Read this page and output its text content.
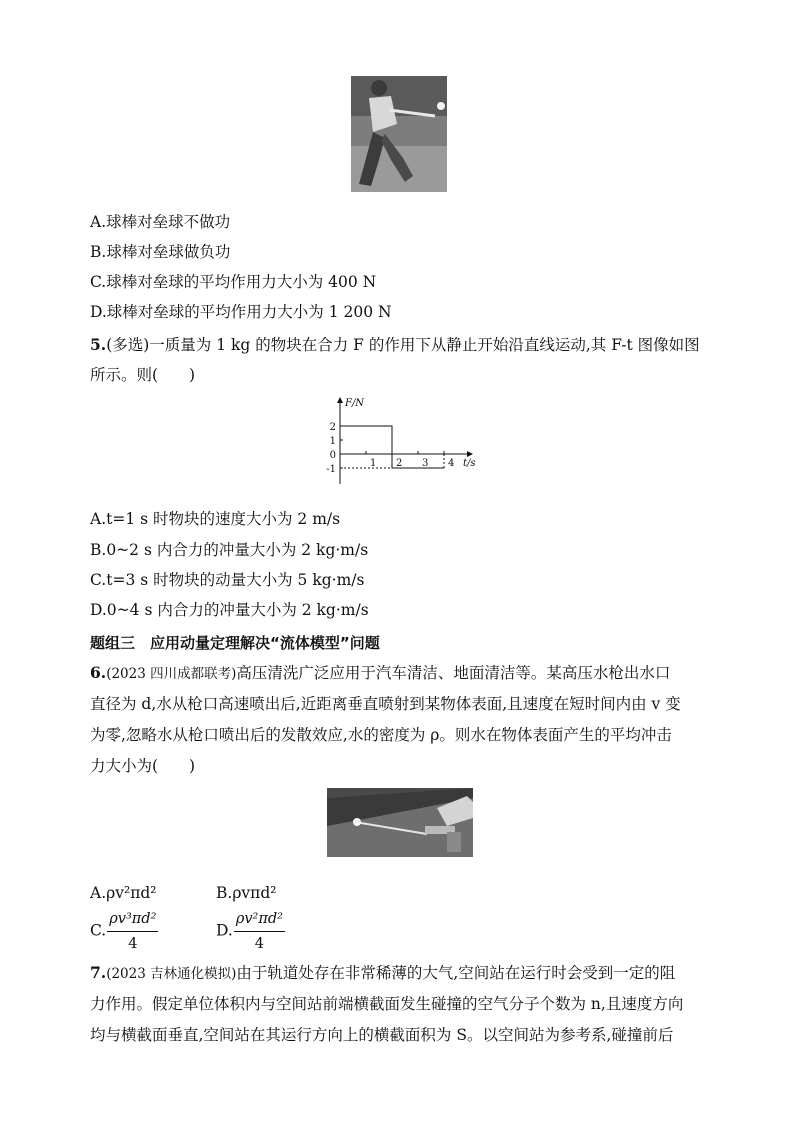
A.球棒对垒球不做功
B.球棒对垒球做负功
C.球棒对垒球的平均作用力大小为 400 N
D.球棒对垒球的平均作用力大小为 1 200 N
5.(多选)一质量为 1 kg 的物块在合力 F 的作用下从静止开始沿直线运动,其 F-t 图像如图
所示。则(　　)
F/N
t/s
2
1
0
-1
1 2 3 4
A.t=1 s 时物块的速度大小为 2 m/s
B.0~2 s 内合力的冲量大小为 2 kg·m/s
C.t=3 s 时物块的动量大小为 5 kg·m/s
D.0~4 s 内合力的冲量大小为 2 kg·m/s
题组三　应用动量定理解决“流体模型”问题
6.(2023 四川成都联考)高压清洗广泛应用于汽车清洁、地面清洁等。某高压水枪出水口
直径为 d,水从枪口高速喷出后,近距离垂直喷射到某物体表面,且速度在短时间内由 v 变
为零,忽略水从枪口喷出后的发散效应,水的密度为 ρ。则水在物体表面产生的平均冲击
力大小为(　　)
A.ρv²πd²	B.ρvπd²
C. $\frac{\text{ρv³πd²}}{4}$	D. $\frac{\text{ρv²πd²}}{4}$
7.(2023 吉林通化模拟)由于轨道处存在非常稀薄的大气,空间站在运行时会受到一定的阻
力作用。假定单位体积内与空间站前端横截面发生碰撞的空气分子个数为 n,且速度方向
均与横截面垂直,空间站在其运行方向上的横截面积为 S。以空间站为参考系,碰撞前后
